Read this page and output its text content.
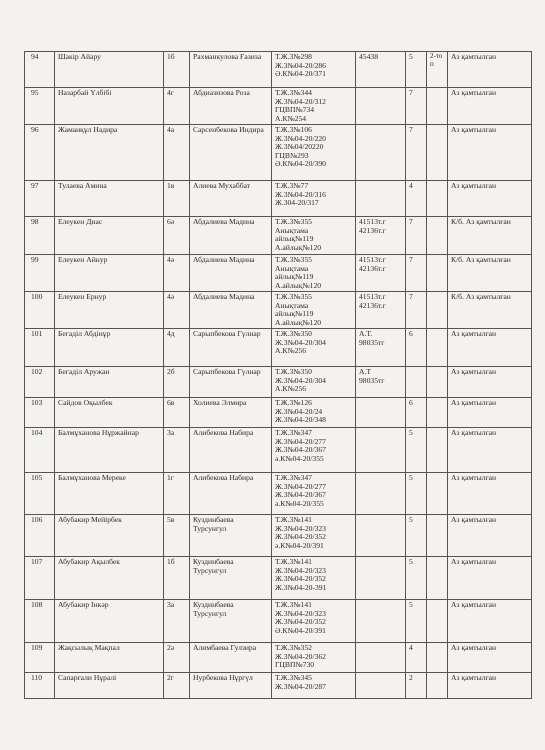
94	Шакір Айару	1б	Рахманкулова Ғазиза	Т.Ж.3№298
Ж.3№04-20/286
Ә.К№04-20/371	45438	5	2-то п	Аз қамтылған
95	Назарбай Үлбібі	4г	Абдиазизова Роза	Т.Ж.3№344
Ж.3№04-20/312
ГЦВП№734
А.К№254		7		Аз қамтылған
96	Жаманқұл Надира	4а	Сарсенбекова Индира	Т.Ж.3№106
Ж.3№04-20/220
Ж.3№04/20220
ГЦВ№293
Ә.К№04-20/390		7		Аз қамтылған
97	Тулаева Амина	1в	Алиева Мухаббат	Т.Ж.3№77
Ж.3№04-20/316
Ж.304-20/317		4		Аз қамтылған
98	Елеукен Диас	6ә	Абдалиева Мадина	Т.Ж.3№355
Анықтама
айлық№119
А.айлық№120	41513т.г
42136т.г	7		К/б. Аз қамтылған
99	Елеукен Айнур	4ә	Абдалиева Мадина	Т.Ж.3№355
Анықтама
айлық№119
А.айлық№120	41513т.г
42136т.г	7		К/б. Аз қамтылған
100	Елеукен Ернур	4ә	Абдалиева Мадина	Т.Ж.3№355
Анықтама
айлық№119
А.айлық№120	41513т.г
42136т.г	7		К/б. Аз қамтылған
101	Бегаділ Абдінұр	4д	Сарыпбекова Гүлнар	Т.Ж.3№350
Ж.3№04-20/304
А.К№256	А.Т.
98035тг	6		Аз қамтылған
102	Бегаділ Аружан	2б	Сарыпбекова Гүлнар	Т.Ж.3№350
Ж.3№04-20/304
А.К№256	А.Т
98035тг			Аз қамтылған
103	Сайдов Оқылбек	6в	Холиева Элмира	Т.Ж.3№126
Ж.3№04-20/24
Ж.3№04-20/348		6		Аз қамтылған
104	Балмұханова Нұржайнар	3а	Алибекова Набира	Т.Ж.3№347
Ж.3№04-20/277
Ж.3№04-20/367
ә.К№04-20/355		5		Аз қамтылған
105	Балмұханова Мереке	1г	Алибекова Набира	Т.Ж.3№347
Ж.3№04-20/277
Ж.3№04-20/367
ә.К№04-20/355		5		Аз қамтылған
106	Абубакир Мейірбек	5в	Куздинбаева Турсунгул	Т.Ж.3№141
Ж.3№04-20/323
Ж.3№04-20/352
ә.К№04-20/391		5		Аз қамтылған
107	Абубакир Ақылбек	1б	Куздинбаева Турсунгул	Т.Ж.3№141
Ж.3№04-20/323
Ж.3№04-20/352
Ж.3№04-20-391		5		Аз қамтылған
108	Абубакир Інкәр	3а	Куздинбаева Турсунгул	Т.Ж.3№141
Ж.3№04-20/323
Ж.3№04-20/352
Ә.К№04-20/391		5		Аз қамтылған
109	Жақсылық Мақпал	2ә	Алимбаева Гулзира	Т.Ж.3№352
Ж.3№04-20/362
ГЦВП№730		4		Аз қамтылған
110	Сапарғали Нұралі	2г	Нурбекова Нұргүл	Т.Ж.3№345
Ж.3№04-20/287		2		Аз қамтылған
